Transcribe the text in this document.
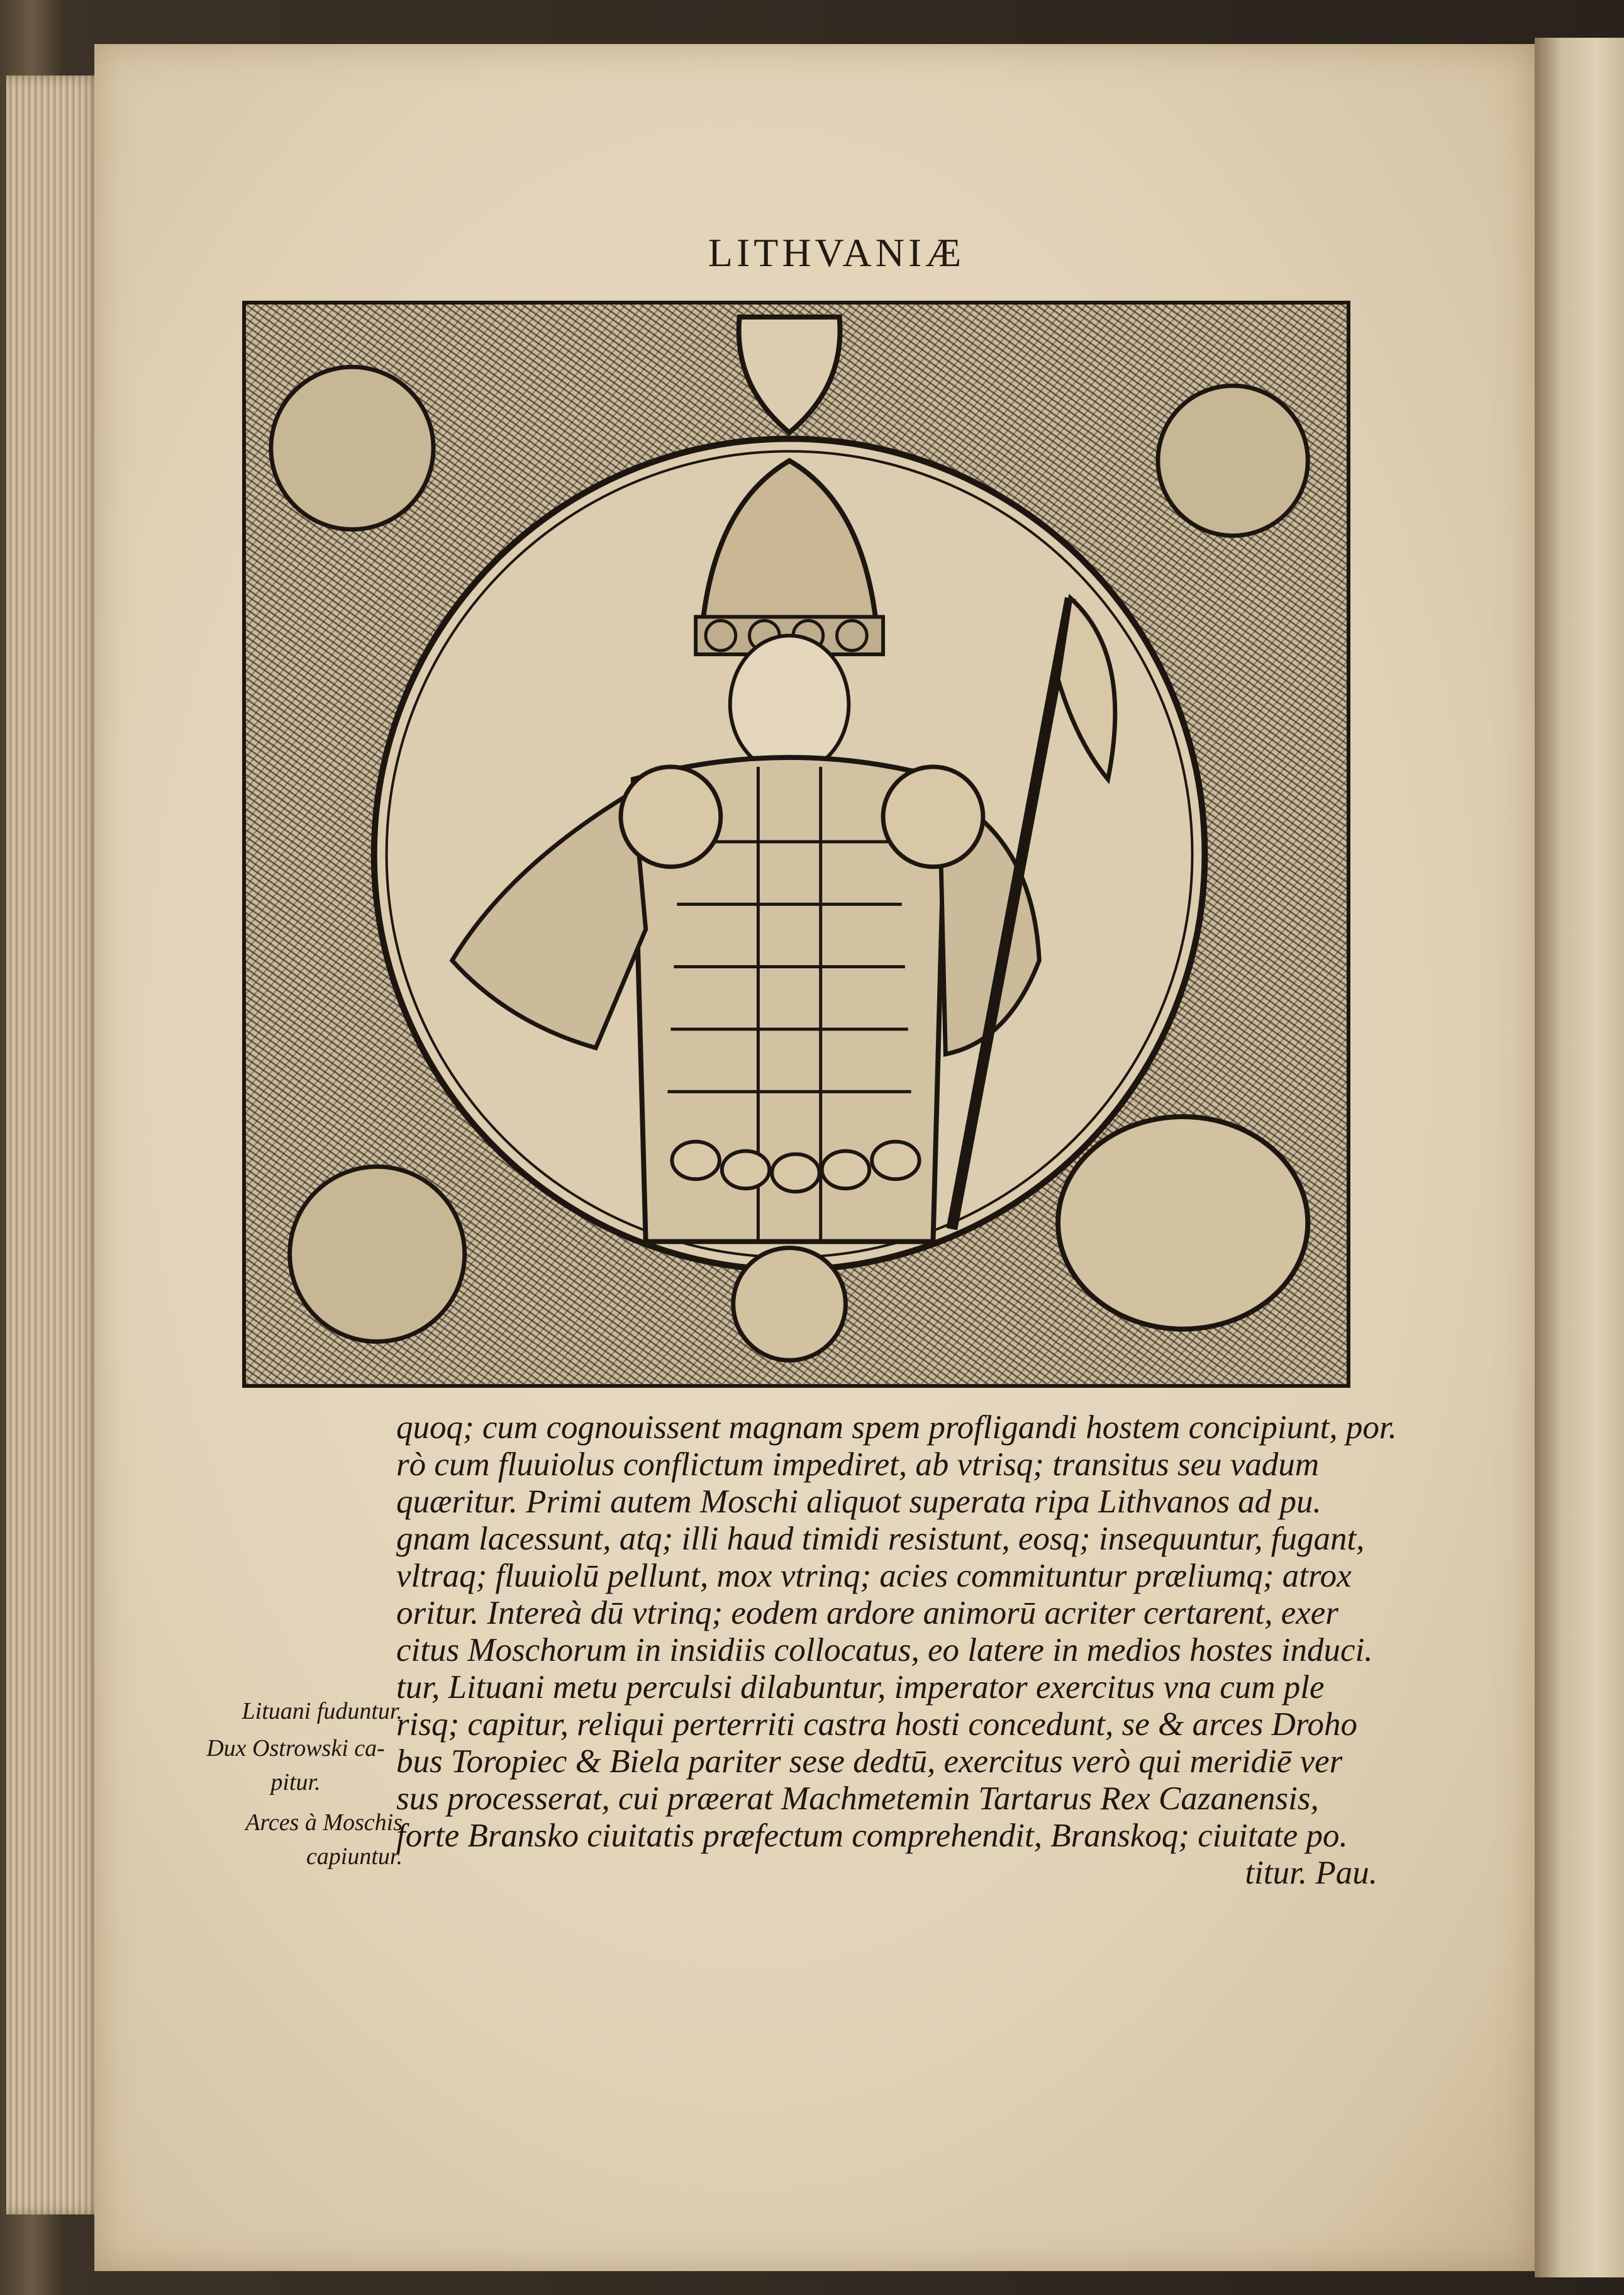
LITHVANIÆ

quoq; cum cognouissent magnam spem profligandi hostem concipiunt, por.

rò cum fluuiolus conflictum impediret, ab vtrisq; transitus seu vadum

quæritur. Primi autem Moschi aliquot superata ripa Lithvanos ad pu.

gnam lacessunt, atq; illi haud timidi resistunt, eosq; insequuntur, fugant,

vltraq; fluuiolū pellunt, mox vtrinq; acies commituntur præliumq; atrox

oritur. Intereà dū vtrinq; eodem ardore animorū acriter certarent, exer

citus Moschorum in insidiis collocatus, eo latere in medios hostes induci.

tur, Lituani metu perculsi dilabuntur, imperator exercitus vna cum ple

risq; capitur, reliqui perterriti castra hosti concedunt, se & arces Droho

bus Toropiec & Biela pariter sese dedtū, exercitus verò qui meridiē ver

sus processerat, cui præerat Machmetemin Tartarus Rex Cazanensis,

forte Bransko ciuitatis præfectum comprehendit, Branskoq; ciuitate po.

titur. Pau.

Lituani fuduntur.

Dux Ostrowski ca-

pitur.

Arces à Moschis

capiuntur.
